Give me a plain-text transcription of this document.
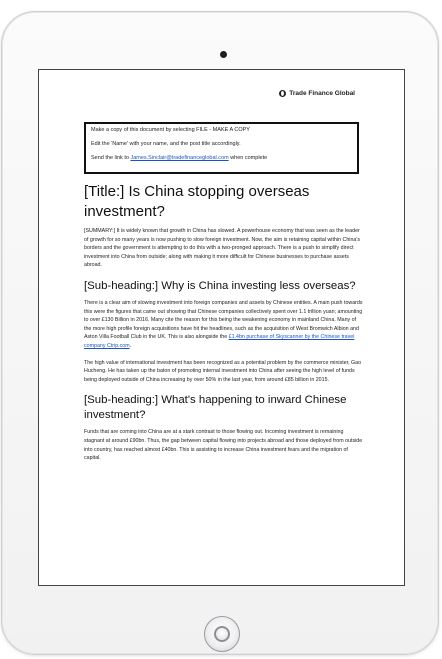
Trade Finance Global

Make a copy of this document by selecting FILE - MAKE A COPY

Edit the 'Name' with your name, and the post title accordingly.

Send the link to James.Sinclair@tradefinanceglobal.com when complete

[Title:] Is China stopping overseas investment?

[SUMMARY:] It is widely known that growth in China has slowed. A powerhouse economy that was seen as the leader of growth for so many years is now pushing to slow foreign investment. Now, the aim is retaining capital within China's borders and the government is attempting to do this with a two-pronged approach. There is a push to simplify direct investment into China from outside; along with making it more difficult for Chinese businesses to purchase assets abroad.

[Sub-heading:] Why is China investing less overseas?

There is a clear aim of slowing investment into foreign companies and assets by Chinese entities. A main push towards this were the figures that came out showing that Chinese companies collectively spent over 1.1 trillion yuan; amounting to over £130 Billion in 2016. Many cite the reason for this being the weakening economy in mainland China. Many of the more high profile foreign acquisitions have hit the headlines, such as the acquisition of West Bromwich Albion and Aston Villa Football Club in the UK. This is also alongside the £1.4bn purchase of Skyscanner by the Chinese travel company Ctrip.com.

The high value of international investment has been recognized as a potential problem by the commerce minister, Gao Hucheng. He has taken up the baton of promoting internal investment into China after seeing the high level of funds being deployed outside of China increasing by over 50% in the last year, from around £85 billion in 2015.

[Sub-heading:] What's happening to inward Chinese investment?

Funds that are coming into China are at a stark contrast to those flowing out. Incoming investment is remaining stagnant at around £90bn. Thus, the gap between capital flowing into projects abroad and those deployed from outside into country, has reached almost £40bn. This is assisting to increase China investment fears and the migration of capital.
